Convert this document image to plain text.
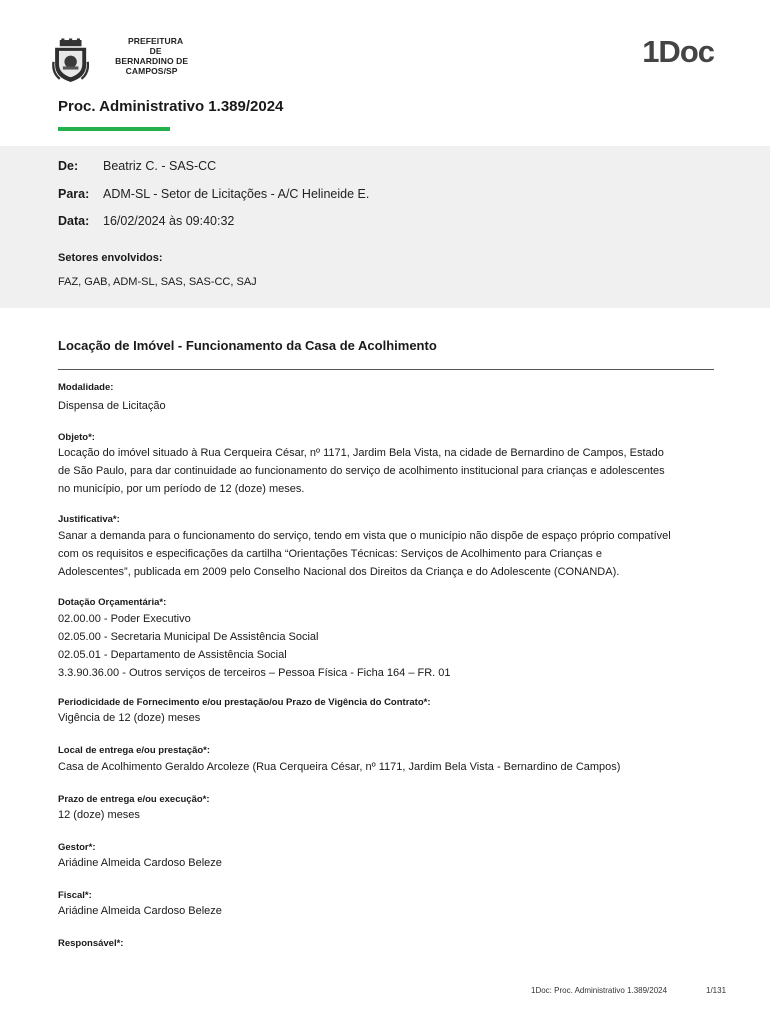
PREFEITURA
DE
BERNARDINO DE CAMPOS/SP
1Doc
Proc. Administrativo 1.389/2024
De:	Beatriz C. - SAS-CC
Para:	ADM-SL - Setor de Licitações - A/C Helineide E.
Data:	16/02/2024 às 09:40:32
Setores envolvidos:
FAZ, GAB, ADM-SL, SAS, SAS-CC, SAJ
Locação de Imóvel - Funcionamento da Casa de Acolhimento
Modalidade:
Dispensa de Licitação
Objeto*:
Locação do imóvel situado à Rua Cerqueira César, nº 1171, Jardim Bela Vista, na cidade de Bernardino de Campos, Estado
de São Paulo, para dar continuidade ao funcionamento do serviço de acolhimento institucional para crianças e adolescentes
no município, por um período de 12 (doze) meses.
Justificativa*:
Sanar a demanda para o funcionamento do serviço, tendo em vista que o município não dispõe de espaço próprio compatível
com os requisitos e especificações da cartilha “Orientações Técnicas: Serviços de Acolhimento para Crianças e
Adolescentes”, publicada em 2009 pelo Conselho Nacional dos Direitos da Criança e do Adolescente (CONANDA).
Dotação Orçamentária*:
02.00.00 - Poder Executivo
02.05.00 - Secretaria Municipal De Assistência Social
02.05.01 - Departamento de Assistência Social
3.3.90.36.00 - Outros serviços de terceiros – Pessoa Física - Ficha 164 – FR. 01
Periodicidade de Fornecimento e/ou prestação/ou Prazo de Vigência do Contrato*:
Vigência de 12 (doze) meses
Local de entrega e/ou prestação*:
Casa de Acolhimento Geraldo Arcoleze (Rua Cerqueira César, nº 1171, Jardim Bela Vista - Bernardino de Campos)
Prazo de entrega e/ou execução*:
12 (doze) meses
Gestor*:
Ariádine Almeida Cardoso Beleze
Fiscal*:
Ariádine Almeida Cardoso Beleze
Responsável*:
1Doc: Proc. Administrativo 1.389/2024	1/131
